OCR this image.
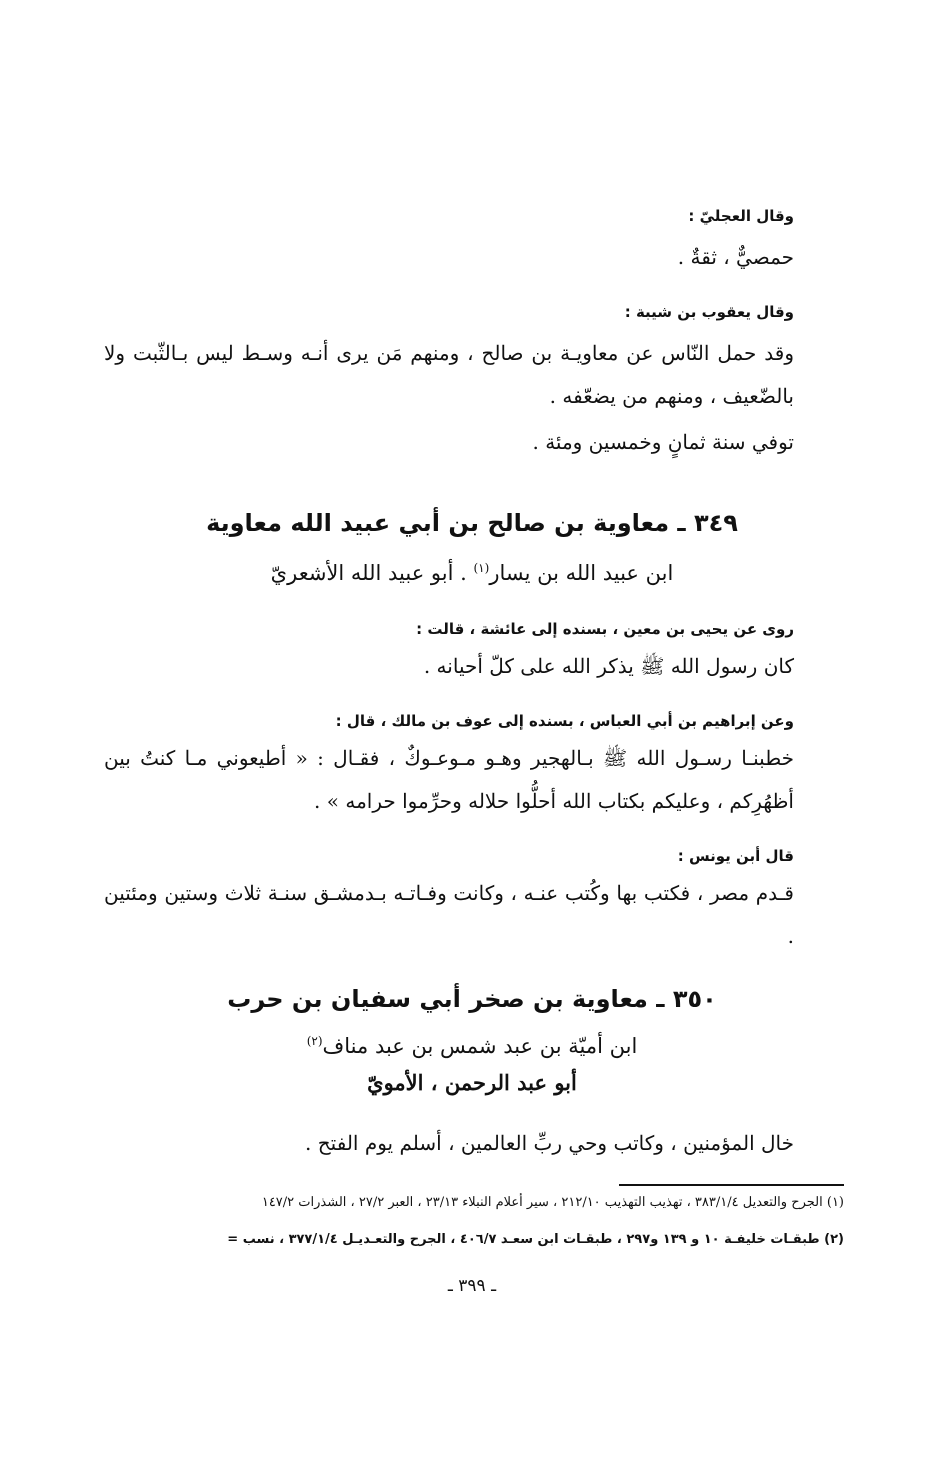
وقال العجليّ :
حمصيٌّ ، ثقةٌ .
وقال يعقوب بن شيبة :
وقد حمل النّاس عن معاويـة بن صالح ، ومنهم مَن يرى أنـه وسـط ليس بـالثّبت ولا بالضّعيف ، ومنهم من يضعّفه .
توفي سنة ثمانٍ وخمسين ومئة .
٣٤٩ ـ معاوية بن صالح بن أبي عبيد الله معاوية
ابن عبيد الله بن يسار$^{(١)}$ . أبو عبيد الله الأشعريّ
روى عن يحيى بن معين ، بسنده إلى عائشة ، قالت :
كان رسول الله ﷺ يذكر الله على كلّ أحيانه .
وعن إبراهيم بن أبي العباس ، بسنده إلى عوف بن مالك ، قال :
خطبنـا رسـول الله ﷺ بـالهجير وهـو مـوعـوكٌ ، فقـال : « أطيعوني مـا كنتُ بين أظهُرِكم ، وعليكم بكتاب الله أحلُّوا حلاله وحرِّموا حرامه » .
قال أبن يونس :
قـدم مصر ، فكتب بها وكُتب عنـه ، وكانت وفـاتـه بـدمشـق سنـة ثلاث وستين ومئتين .
٣٥٠ ـ معاوية بن صخر أبي سفيان بن حرب
ابن أميّة بن عبد شمس بن عبد مناف$^{(٢)}$
أبو عبد الرحمن ، الأمويّ
خال المؤمنين ، وكاتب وحي ربِّ العالمين ، أسلم يوم الفتح .
(١) الجرح والتعديل ٣٨٣/١/٤ ، تهذيب التهذيب ٢١٢/١٠ ، سير أعلام النبلاء ٢٣/١٣ ، العبر ٢٧/٢ ، الشذرات ١٤٧/٢
(٢) طبقـات خليفـة ١٠ و ١٣٩ و٢٩٧ ، طبقـات ابن سعـد ٤٠٦/٧ ، الجرح والتعـديـل ٣٧٧/١/٤ ، نسب =
ـ ٣٩٩ ـ
